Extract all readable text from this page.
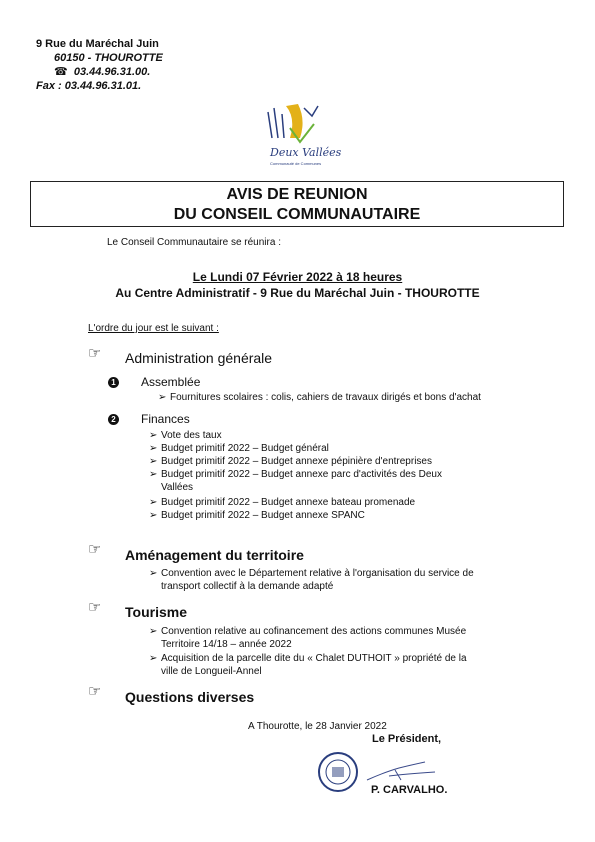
9 Rue du Maréchal Juin
60150 - THOUROTTE
☎ 03.44.96.31.00.
Fax : 03.44.96.31.01.
Deux Vallées
Communauté de Communes
AVIS DE REUNION
DU CONSEIL COMMUNAUTAIRE
Le Conseil Communautaire se réunira :
Le Lundi 07 Février 2022 à 18 heures
Au Centre Administratif - 9 Rue du Maréchal Juin - THOUROTTE
L'ordre du jour est le suivant :
☞ Administration générale
1 Assemblée
➢ Fournitures scolaires : colis, cahiers de travaux dirigés et bons d'achat
2 Finances
➢ Vote des taux
➢ Budget primitif 2022 – Budget général
➢ Budget primitif 2022 – Budget annexe pépinière d'entreprises
➢ Budget primitif 2022 – Budget annexe parc d'activités des Deux
Vallées
➢ Budget primitif 2022 – Budget annexe bateau promenade
➢ Budget primitif 2022 – Budget annexe SPANC
☞ Aménagement du territoire
➢ Convention avec le Département relative à l'organisation du service de
transport collectif à la demande adapté
☞ Tourisme
➢ Convention relative au cofinancement des actions communes Musée
Territoire 14/18 – année 2022
➢ Acquisition de la parcelle dite du « Chalet DUTHOIT » propriété de la
ville de Longueil-Annel
☞ Questions diverses
A Thourotte, le 28 Janvier 2022
Le Président,
P. CARVALHO.
